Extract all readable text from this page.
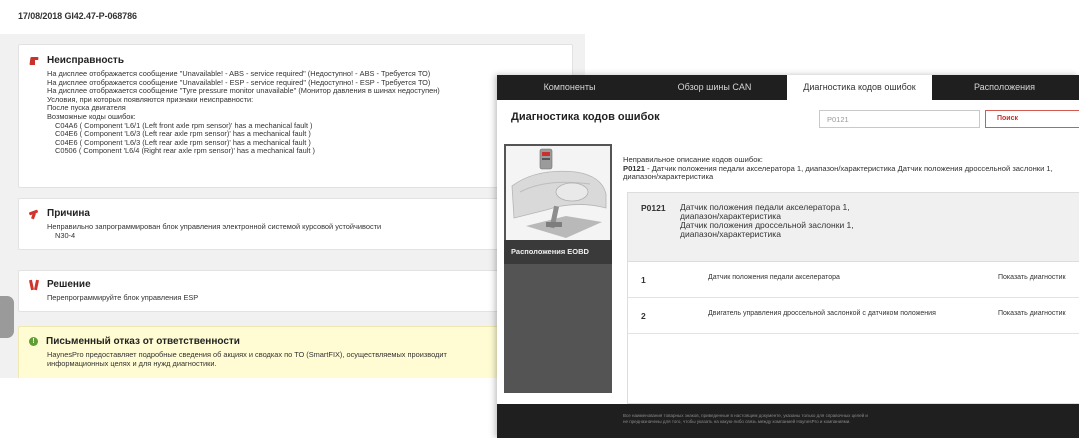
17/08/2018 GI42.47-P-068786
Неисправность
На дисплее отображается сообщение "Unavailable! - ABS - service required" (Недоступно! - ABS - Требуется ТО)
На дисплее отображается сообщение "Unavailable! - ESP - service required" (Недоступно! - ESP - Требуется ТО)
На дисплее отображается сообщение "Tyre pressure monitor unavailable" (Монитор давления в шинах недоступен)
Условия, при которых появляются признаки неисправности:
После пуска двигателя
Возможные коды ошибок:
C04A6 ( Component 'L6/1 (Left front axle rpm sensor)' has a mechanical fault )
C04E6 ( Component 'L6/3 (Left rear axle rpm sensor)' has a mechanical fault )
C04E6 ( Component 'L6/3 (Left rear axle rpm sensor)' has a mechanical fault )
C0506 ( Component 'L6/4 (Right rear axle rpm sensor)' has a mechanical fault )
Причина
Неправильно запрограммирован блок управления электронной системой курсовой устойчивости
N30-4
Решение
Перепрограммируйте блок управления ESP
!	Письменный отказ от ответственности
HaynesPro предоставляет подробные сведения об акциях и сводках по ТО (SmartFIX), осуществляемых производит
информационных целях и для нужд диагностики.
Компоненты	Обзор шины CAN	Диагностика кодов ошибок	Расположения
Диагностика кодов ошибок
P0121	Поиск
Расположения EOBD
Неправильное описание кодов ошибок:
P0121 - Датчик положения педали акселератора 1, диапазон/характеристика Датчик положения дроссельной заслонки 1, диапазон/характеристика
P0121 Датчик положения педали акселератора 1,
диапазон/характеристика
Датчик положения дроссельной заслонки 1,
диапазон/характеристика
1	Датчик положения педали акселератора	Показать диагностик
2	Двигатель управления дроссельной заслонкой с датчиком положения	Показать диагностик
Все наименования товарных знаков, приведенные в настоящем документе, указаны только для справочных целей и
не предназначены для того, чтобы указать на какую-либо связь между компанией HaynesPro и компаниями.
